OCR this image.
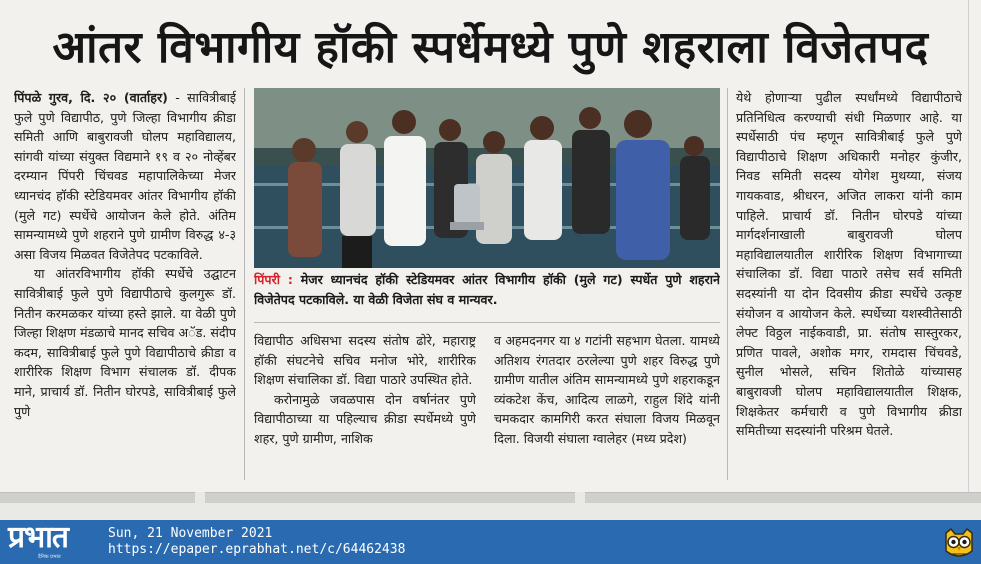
आंतर विभागीय हॉकी स्पर्धेमध्ये पुणे शहराला विजेतपद

पिंपळे गुरव, दि. २० (वार्ताहर) - सावित्रीबाई फुले पुणे विद्यापीठ, पुणे जिल्हा विभागीय क्रीडा समिती आणि बाबुरावजी घोलप महाविद्यालय, सांगवी यांच्या संयुक्त विद्यमाने १९ व २० नोव्हेंबर दरम्यान पिंपरी चिंचवड महापालिकेच्या मेजर ध्यानचंद हॉकी स्टेडियमवर आंतर विभागीय हॉकी (मुले गट) स्पर्धेचे आयोजन केले होते. अंतिम सामन्यामध्ये पुणे शहराने पुणे ग्रामीण विरुद्ध ४-३ असा विजय मिळवत विजेतेपद पटकाविले.

या आंतरविभागीय हॉकी स्पर्धेचे उद्घाटन सावित्रीबाई फुले पुणे विद्यापीठाचे कुलगुरू डॉ. नितीन करमळकर यांच्या हस्ते झाले. या वेळी पुणे जिल्हा शिक्षण मंडळाचे मानद सचिव अॅड. संदीप कदम, सावित्रीबाई फुले पुणे विद्यापीठाचे क्रीडा व शारीरिक शिक्षण विभाग संचालक डॉ. दीपक माने, प्राचार्य डॉ. नितीन घोरपडे, सावित्रीबाई फुले पुणे

पिंपरी : मेजर ध्यानचंद हॉकी स्टेडियमवर आंतर विभागीय हॉकी (मुले गट) स्पर्धेत पुणे शहराने विजेतेपद पटकाविले. या वेळी विजेता संघ व मान्यवर.

विद्यापीठ अधिसभा सदस्य संतोष ढोरे, महाराष्ट्र हॉकी संघटनेचे सचिव मनोज भोरे, शारीरिक शिक्षण संचालिका डॉ. विद्या पाठारे उपस्थित होते.

करोनामुळे जवळपास दोन वर्षानंतर पुणे विद्यापीठाच्या या पहिल्याच क्रीडा स्पर्धेमध्ये पुणे शहर, पुणे ग्रामीण, नाशिक

व अहमदनगर या ४ गटांनी सहभाग घेतला. यामध्ये अतिशय रंगतदार ठरलेल्या पुणे शहर विरुद्ध पुणे ग्रामीण यातील अंतिम सामन्यामध्ये पुणे शहराकडून व्यंकटेश केंच, आदित्य लाळगे, राहुल शिंदे यांनी चमकदार कामगिरी करत संघाला विजय मिळवून दिला. विजयी संघाला ग्वालेहर (मध्य प्रदेश)

येथे होणाऱ्या पुढील स्पर्धांमध्ये विद्यापीठाचे प्रतिनिधित्व करण्याची संधी मिळणार आहे. या स्पर्धेसाठी पंच म्हणून सावित्रीबाई फुले पुणे विद्यापीठाचे शिक्षण अधिकारी मनोहर कुंजीर, निवड समिती सदस्य योगेश मुथय्या, संजय गायकवाड, श्रीधरन, अजित लाकरा यांनी काम पाहिले. प्राचार्य डॉ. नितीन घोरपडे यांच्या मार्गदर्शनाखाली बाबुरावजी घोलप महाविद्यालयातील शारीरिक शिक्षण विभागाच्या संचालिका डॉ. विद्या पाठारे तसेच सर्व समिती सदस्यांनी या दोन दिवसीय क्रीडा स्पर्धेचे उत्कृष्ट संयोजन व आयोजन केले. स्पर्धेच्या यशस्वीतेसाठी लेफ्ट विठ्ठल नाईकवाडी, प्रा. संतोष सास्तुरकर, प्रणित पावले, अशोक मगर, रामदास चिंचवडे, सुनील भोसले, सचिन शितोळे यांच्यासह बाबुरावजी घोलप महाविद्यालयातील शिक्षक, शिक्षकेतर कर्मचारी व पुणे विभागीय क्रीडा समितीच्या सदस्यांनी परिश्रम घेतले.

प्रभात
दैनिक प्रभात
Sun, 21 November 2021
https://epaper.eprabhat.net/c/64462438
